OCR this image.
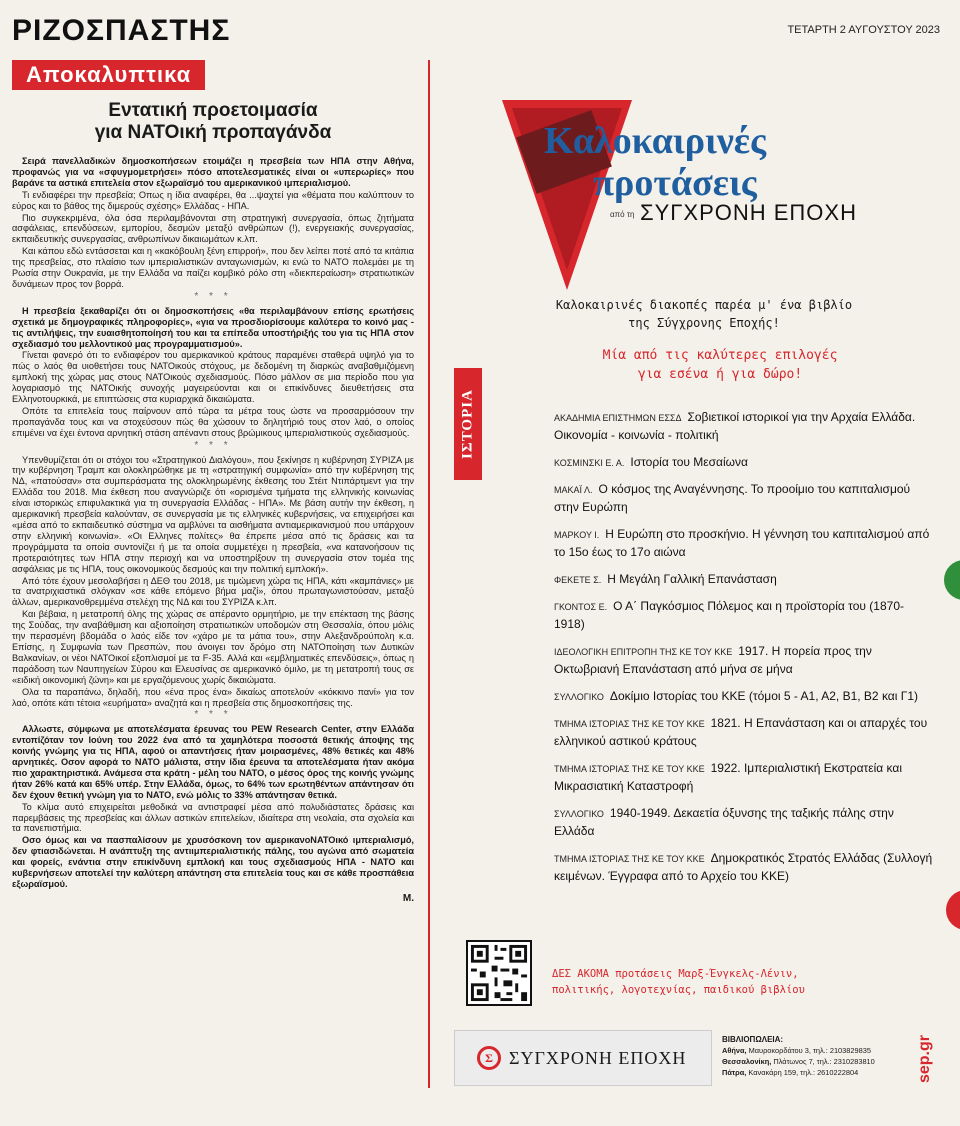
ΡΙΖΟΣΠΑΣΤΗΣ	ΤΕΤΑΡΤΗ 2 ΑΥΓΟΥΣΤΟΥ 2023
Αποκαλυπτικα
Εντατική προετοιμασία
για ΝΑΤΟική προπαγάνδα

Σειρά πανελλαδικών δημοσκοπήσεων ετοιμάζει η πρεσβεία των ΗΠΑ στην Αθήνα, προφανώς για να «σφυγμομετρήσει» πόσο αποτελεσματικές είναι οι «υπερωρίες» που βαράνε τα αστικά επιτελεία στον εξωραϊσμό του αμερικανικού ιμπεριαλισμού.

Τι ενδιαφέρει την πρεσβεία; Οπως η ίδια αναφέρει, θα ...ψαχτεί για «θέματα που καλύπτουν το εύρος και το βάθος της διμερούς σχέσης» Ελλάδας - ΗΠΑ.

Πιο συγκεκριμένα, όλα όσα περιλαμβάνονται στη στρατηγική συνεργασία, όπως ζητήματα ασφάλειας, επενδύσεων, εμπορίου, δεσμών μεταξύ ανθρώπων (!), ενεργειακής συνεργασίας, εκπαιδευτικής συνεργασίας, ανθρωπίνων δικαιωμάτων κ.λπ.

Και κάπου εδώ εντάσσεται και η «κακόβουλη ξένη επιρροή», που δεν λείπει ποτέ από τα κιτάπια της πρεσβείας, στο πλαίσιο των ιμπεριαλιστικών ανταγωνισμών, κι ενώ το ΝΑΤΟ πολεμάει με τη Ρωσία στην Ουκρανία, με την Ελλάδα να παίζει κομβικό ρόλο στη «διεκπεραίωση» στρατιωτικών δυνάμεων προς τον βορρά.

* * *

Η πρεσβεία ξεκαθαρίζει ότι οι δημοσκοπήσεις «θα περιλαμβάνουν επίσης ερωτήσεις σχετικά με δημογραφικές πληροφορίες», «για να προσδιορίσουμε καλύτερα το κοινό μας - τις αντιλήψεις, την ευαισθητοποίησή του και τα επίπεδα υποστήριξής του για τις ΗΠΑ στον σχεδιασμό του μελλοντικού μας προγραμματισμού».

Γίνεται φανερό ότι το ενδιαφέρον του αμερικανικού κράτους παραμένει σταθερά υψηλό για το πώς ο λαός θα υιοθετήσει τους ΝΑΤΟικούς στόχους, με δεδομένη τη διαρκώς αναβαθμιζόμενη εμπλοκή της χώρας μας στους ΝΑΤΟικούς σχεδιασμούς. Πόσο μάλλον σε μια περίοδο που για λογαριασμό της ΝΑΤΟικής συνοχής μαγειρεύονται και οι επικίνδυνες διευθετήσεις στα Ελληνοτουρκικά, με επιπτώσεις στα κυριαρχικά δικαιώματα.

Οπότε τα επιτελεία τους παίρνουν από τώρα τα μέτρα τους ώστε να προσαρμόσουν την προπαγάνδα τους και να στοχεύσουν πώς θα χώσουν το δηλητήριό τους στον λαό, ο οποίος επιμένει να έχει έντονα αρνητική στάση απέναντι στους βρώμικους ιμπεριαλιστικούς σχεδιασμούς.

* * *

Υπενθυμίζεται ότι οι στόχοι του «Στρατηγικού Διαλόγου», που ξεκίνησε η κυβέρνηση ΣΥΡΙΖΑ με την κυβέρνηση Τραμπ και ολοκληρώθηκε με τη «στρατηγική συμφωνία» από την κυβέρνηση της ΝΔ, «πατούσαν» στα συμπεράσματα της ολοκληρωμένης έκθεσης του Στέιτ Ντιπάρτμεντ για την Ελλάδα του 2018. Μια έκθεση που αναγνώριζε ότι «ορισμένα τμήματα της ελληνικής κοινωνίας είναι ιστορικώς επιφυλακτικά για τη συνεργασία Ελλάδας - ΗΠΑ». Με βάση αυτήν την έκθεση, η αμερικανική πρεσβεία καλούνταν, σε συνεργασία με τις ελληνικές κυβερνήσεις, να επιχειρήσει και «μέσα από το εκπαιδευτικό σύστημα να αμβλύνει τα αισθήματα αντιαμερικανισμού που υπάρχουν στην ελληνική κοινωνία». «Οι Ελληνες πολίτες» θα έπρεπε μέσα από τις δράσεις και τα προγράμματα τα οποία συντονίζει ή με τα οποία συμμετέχει η πρεσβεία, «να κατανοήσουν τις προτεραιότητες των ΗΠΑ στην περιοχή και να υποστηρίξουν τη συνεργασία στον τομέα της ασφάλειας με τις ΗΠΑ, τους οικονομικούς δεσμούς και την πολιτική εμπλοκή».

Από τότε έχουν μεσολαβήσει η ΔΕΘ του 2018, με τιμώμενη χώρα τις ΗΠΑ, κάτι «καμπάνιες» με τα ανατριχιαστικά σλόγκαν «σε κάθε επόμενο βήμα μαζί», όπου πρωταγωνιστούσαν, μεταξύ άλλων, αμερικανοθρεμμένα στελέχη της ΝΔ και του ΣΥΡΙΖΑ κ.λπ.

Και βέβαια, η μετατροπή όλης της χώρας σε απέραντο ορμητήριο, με την επέκταση της βάσης της Σούδας, την αναβάθμιση και αξιοποίηση στρατιωτικών υποδομών στη Θεσσαλία, όπου μόλις την περασμένη βδομάδα ο λαός είδε τον «χάρο με τα μάτια του», στην Αλεξανδρούπολη κ.α. Επίσης, η Συμφωνία των Πρεσπών, που άνοιγει τον δρόμο στη ΝΑΤΟποίηση των Δυτικών Βαλκανίων, οι νέοι ΝΑΤΟικοί εξοπλισμοί με τα F-35. Αλλά και «εμβληματικές επενδύσεις», όπως η παράδοση των Ναυπηγείων Σύρου και Ελευσίνας σε αμερικανικό όμιλο, με τη μετατροπή τους σε «ειδική οικονομική ζώνη» και με εργαζόμενους χωρίς δικαιώματα.

Ολα τα παραπάνω, δηλαδή, που «ένα προς ένα» δικαίως αποτελούν «κόκκινο πανί» για τον λαό, οπότε κάτι τέτοια «ευρήματα» αναζητά και η πρεσβεία στις δημοσκοπήσεις της.

* * *

Αλλωστε, σύμφωνα με αποτελέσματα έρευνας του PEW Research Center, στην Ελλάδα εντοπίζόταν τον Ιούνη του 2022 ένα από τα χαμηλότερα ποσοστά θετικής άποψης της κοινής γνώμης για τις ΗΠΑ, αφού οι απαντήσεις ήταν μοιρασμένες, 48% θετικές και 48% αρνητικές. Οσον αφορά το ΝΑΤΟ μάλιστα, στην ίδια έρευνα τα αποτελέσματα ήταν ακόμα πιο χαρακτηριστικά. Ανάμεσα στα κράτη - μέλη του ΝΑΤΟ, ο μέσος όρος της κοινής γνώμης ήταν 26% κατά και 65% υπέρ. Στην Ελλάδα, όμως, το 64% των ερωτηθέντων απάντησαν ότι δεν έχουν θετική γνώμη για το ΝΑΤΟ, ενώ μόλις το 33% απάντησαν θετικά.

Το κλίμα αυτό επιχειρείται μεθοδικά να αντιστραφεί μέσα από πολυδιάστατες δράσεις και παρεμβάσεις της πρεσβείας και άλλων αστικών επιτελείων, ιδιαίτερα στη νεολαία, στα σχολεία και τα πανεπιστήμια.

Οσο όμως και να πασπαλίσουν με χρυσόσκονη τον αμερικανοΝΑΤΟικό ιμπεριαλισμό, δεν φτιασιδώνεται. Η ανάπτυξη της αντιιμπεριαλιστικής πάλης, του αγώνα από σωματεία και φορείς, ενάντια στην επικίνδυνη εμπλοκή και τους σχεδιασμούς ΗΠΑ - ΝΑΤΟ και κυβερνήσεων αποτελεί την καλύτερη απάντηση στα επιτελεία τους και σε κάθε προσπάθεια εξωραϊσμού.

Μ.
Καλοκαιρινές
προτάσεις
από τη ΣΥΓΧΡΟΝΗ ΕΠΟΧΗ
Καλοκαιρινές διακοπές παρέα μ' ένα βιβλίο
της Σύγχρονης Εποχής!
Μία από τις καλύτερες επιλογές
για εσένα ή για δώρο!
ΙΣΤΟΡΙΑ	ΑΚΑΔΗΜΙΑ ΕΠΙΣΤΗΜΩΝ ΕΣΣΔ Σοβιετικοί ιστορικοί για την Αρχαία Ελλάδα. Οικονομία - κοινωνία - πολιτική
ΚΟΣΜΙΝΣΚΙ Ε. Α. Ιστορία του Μεσαίωνα
ΜΑΚΑΪ Λ. Ο κόσμος της Αναγέννησης. Το προοίμιο του καπιταλισμού στην Ευρώπη
ΜΑΡΚΟΥ Ι. Η Ευρώπη στο προσκήνιο. Η γέννηση του καπιταλισμού από το 15ο έως το 17ο αιώνα
ΦΕΚΕΤΕ Σ. Η Μεγάλη Γαλλική Επανάσταση
ΓΚΟΝΤΟΣ Ε. Ο Α΄ Παγκόσμιος Πόλεμος και η προϊστορία του (1870-1918)
ΙΔΕΟΛΟΓΙΚΗ ΕΠΙΤΡΟΠΗ ΤΗΣ ΚΕ ΤΟΥ ΚΚΕ 1917. Η πορεία προς την Οκτωβριανή Επανάσταση από μήνα σε μήνα
ΣΥΛΛΟΓΙΚΟ Δοκίμιο Ιστορίας του ΚΚΕ (τόμοι 5 - Α1, Α2, Β1, Β2 και Γ1)
ΤΜΗΜΑ ΙΣΤΟΡΙΑΣ ΤΗΣ ΚΕ ΤΟΥ ΚΚΕ 1821. Η Επανάσταση και οι απαρχές του ελληνικού αστικού κράτους
ΤΜΗΜΑ ΙΣΤΟΡΙΑΣ ΤΗΣ ΚΕ ΤΟΥ ΚΚΕ 1922. Ιμπεριαλιστική Εκστρατεία και Μικρασιατική Καταστροφή
ΣΥΛΛΟΓΙΚΟ 1940-1949. Δεκαετία όξυνσης της ταξικής πάλης στην Ελλάδα
ΤΜΗΜΑ ΙΣΤΟΡΙΑΣ ΤΗΣ ΚΕ ΤΟΥ ΚΚΕ Δημοκρατικός Στρατός Ελλάδας (Συλλογή κειμένων. Έγγραφα από το Αρχείο του ΚΚΕ)
ΔΕΣ ΑΚΟΜΑ προτάσεις Μαρξ-Ένγκελς-Λένιν,
πολιτικής, λογοτεχνίας, παιδικού βιβλίου
Σ ΣΥΓΧΡΟΝΗ ΕΠΟΧΗ
ΒΙΒΛΙΟΠΩΛΕΙΑ:
Αθήνα, Μαυροκορδάτου 3, τηλ.: 2103829835
Θεσσαλονίκη, Πλάτωνος 7, τηλ.: 2310283810
Πάτρα, Κανακάρη 159, τηλ.: 2610222804	sep.gr
